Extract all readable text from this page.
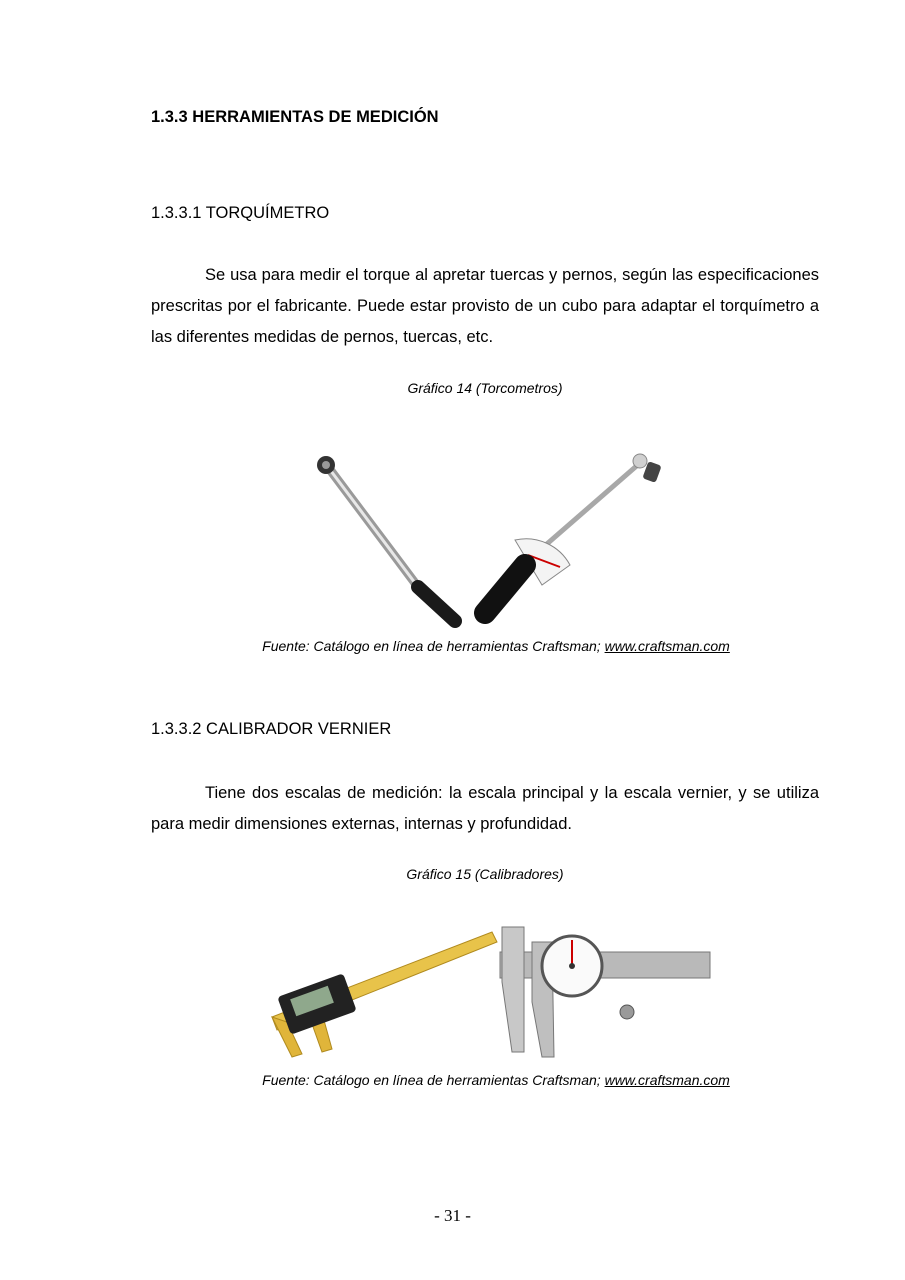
1.3.3 HERRAMIENTAS DE MEDICIÓN
1.3.3.1 TORQUÍMETRO
Se usa para medir el torque al apretar tuercas y pernos, según las especificaciones prescritas por el fabricante. Puede estar provisto de un cubo para adaptar el torquímetro a las diferentes medidas de pernos, tuercas, etc.
Gráfico 14 (Torcometros)
Fuente: Catálogo en línea de herramientas Craftsman; www.craftsman.com
1.3.3.2 CALIBRADOR VERNIER
Tiene dos escalas de medición: la escala principal y la escala vernier, y se utiliza para medir dimensiones externas, internas y profundidad.
Gráfico 15 (Calibradores)
Fuente: Catálogo en línea de herramientas Craftsman; www.craftsman.com
- 31 -
